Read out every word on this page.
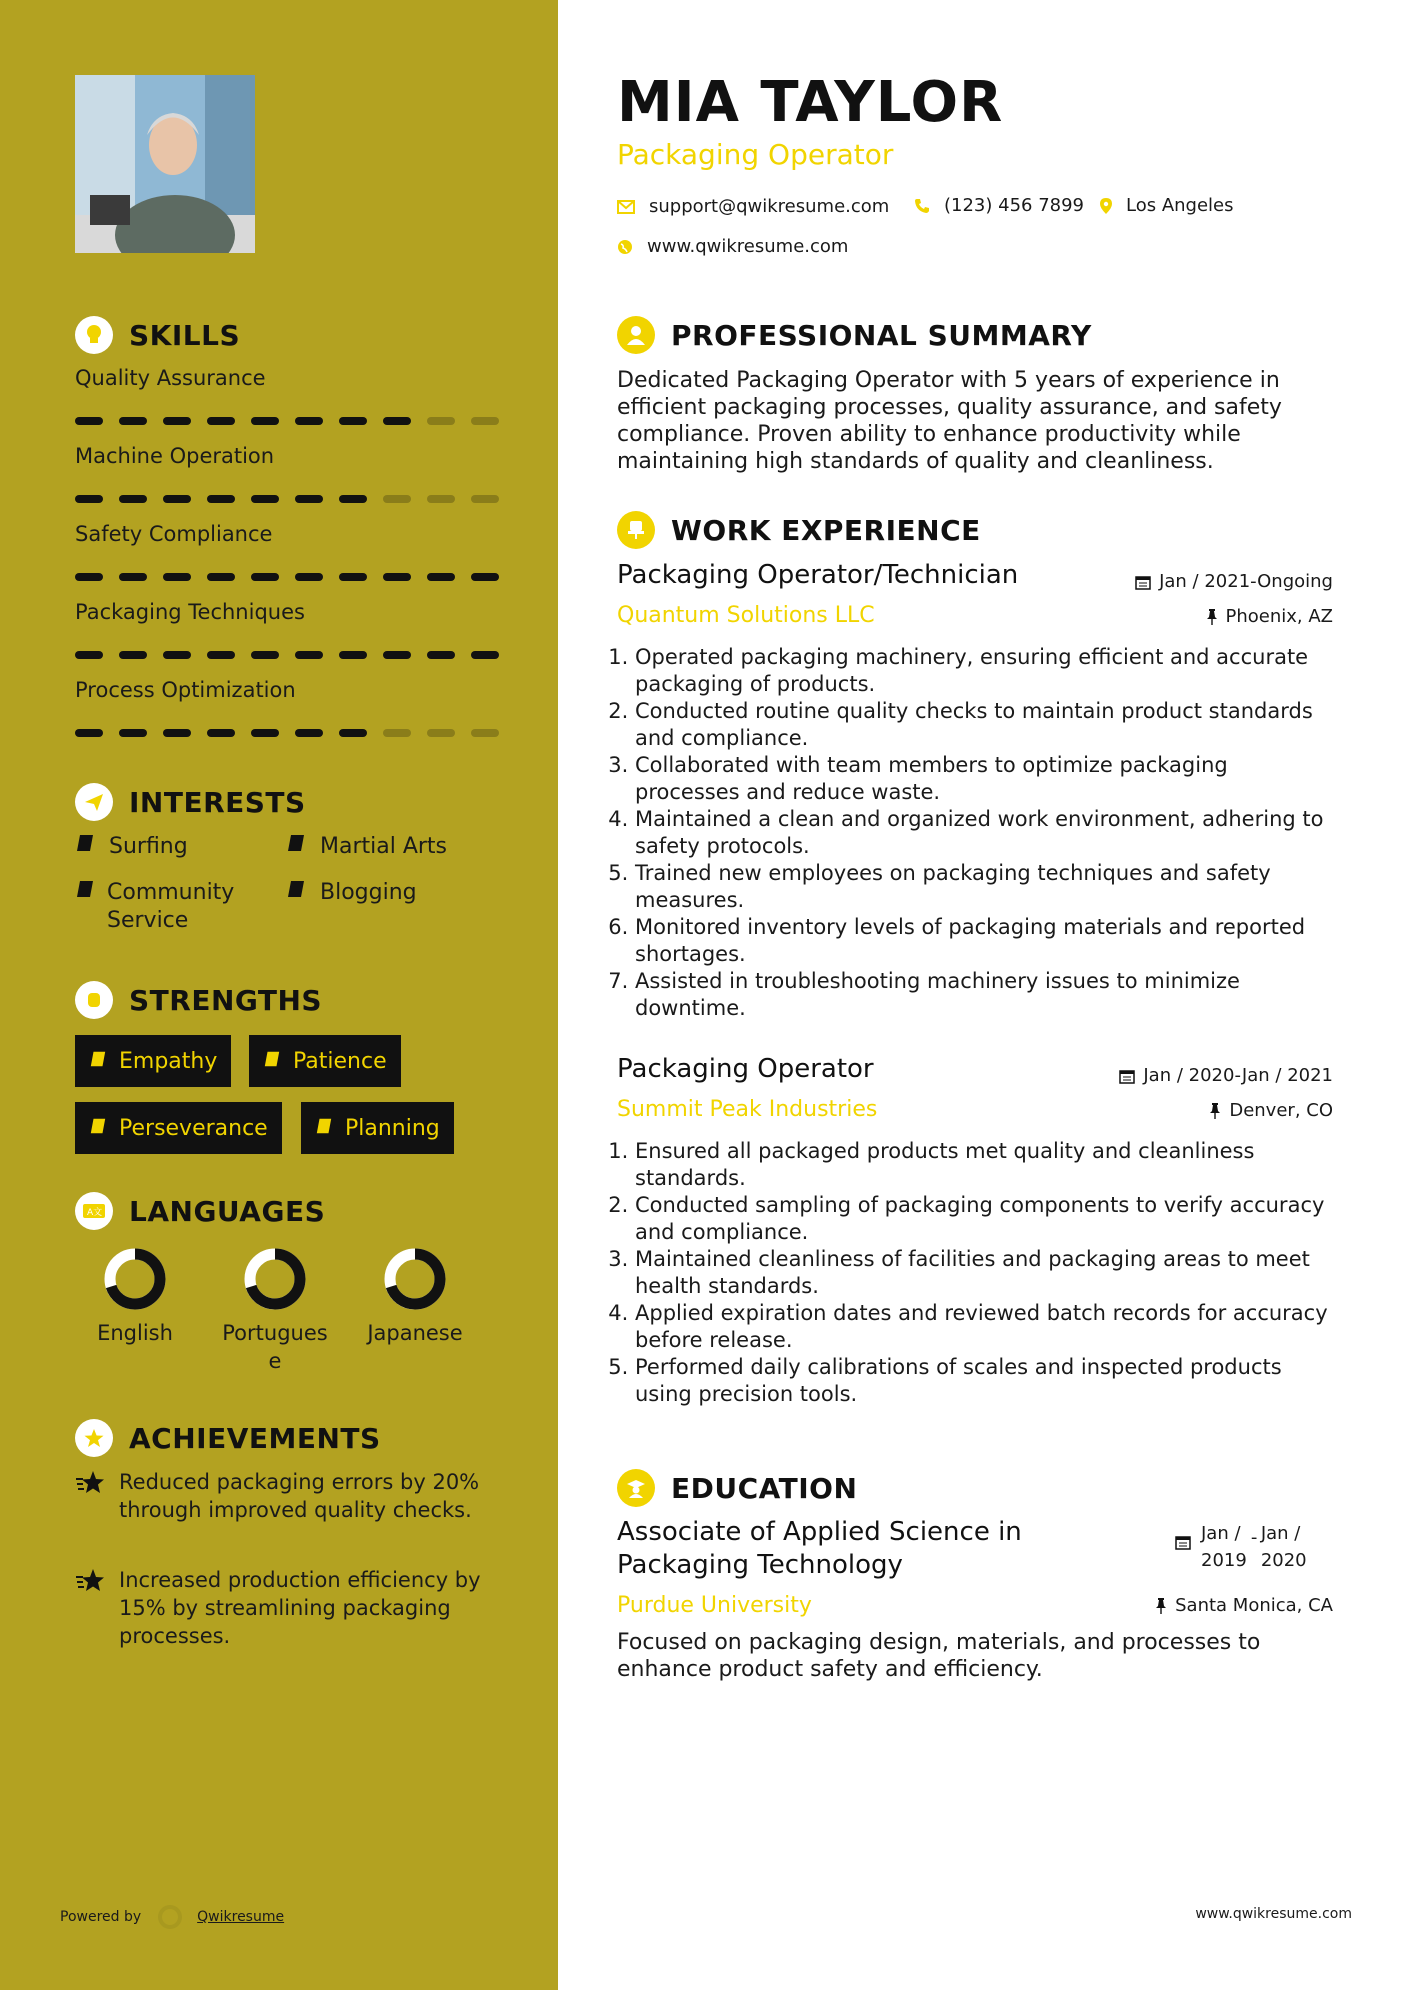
SKILLS
Quality Assurance
Machine Operation
Safety Compliance
Packaging Techniques
Process Optimization
INTERESTS
Surfing	Martial Arts
Community Service
Blogging
STRENGTHS
Empathy	Patience
Perseverance	Planning
A文 LANGUAGES
English	Portugues
e
Japanese
ACHIEVEMENTS
Reduced packaging errors by 20% through improved quality checks.
Increased production efficiency by 15% by streamlining packaging processes.
Powered by	Qwikresume
MIA TAYLOR
Packaging Operator
support@qwikresume.com	(123) 456 7899 Los Angeles
www.qwikresume.com
PROFESSIONAL SUMMARY
Dedicated Packaging Operator with 5 years of experience in efficient packaging processes, quality assurance, and safety compliance. Proven ability to enhance productivity while maintaining high standards of quality and cleanliness.
WORK EXPERIENCE
Packaging Operator/Technician	Jan / 2021-Ongoing
Quantum Solutions LLC	Phoenix, AZ
1. Operated packaging machinery, ensuring efficient and accurate packaging of products.
2. Conducted routine quality checks to maintain product standards and compliance.
3. Collaborated with team members to optimize packaging processes and reduce waste.
4. Maintained a clean and organized work environment, adhering to safety protocols.
5. Trained new employees on packaging techniques and safety measures.
6. Monitored inventory levels of packaging materials and reported shortages.
7. Assisted in troubleshooting machinery issues to minimize downtime.
Packaging Operator	Jan / 2020-Jan / 2021
Summit Peak Industries	Denver, CO
1. Ensured all packaged products met quality and cleanliness standards.
2. Conducted sampling of packaging components to verify accuracy and compliance.
3. Maintained cleanliness of facilities and packaging areas to meet health standards.
4. Applied expiration dates and reviewed batch records for accuracy before release.
5. Performed daily calibrations of scales and inspected products using precision tools.
EDUCATION
Associate of Applied Science in
Packaging Technology
Jan /
2019
- Jan /
2020
Purdue University	Santa Monica, CA
Focused on packaging design, materials, and processes to enhance product safety and efficiency.
www.qwikresume.com
